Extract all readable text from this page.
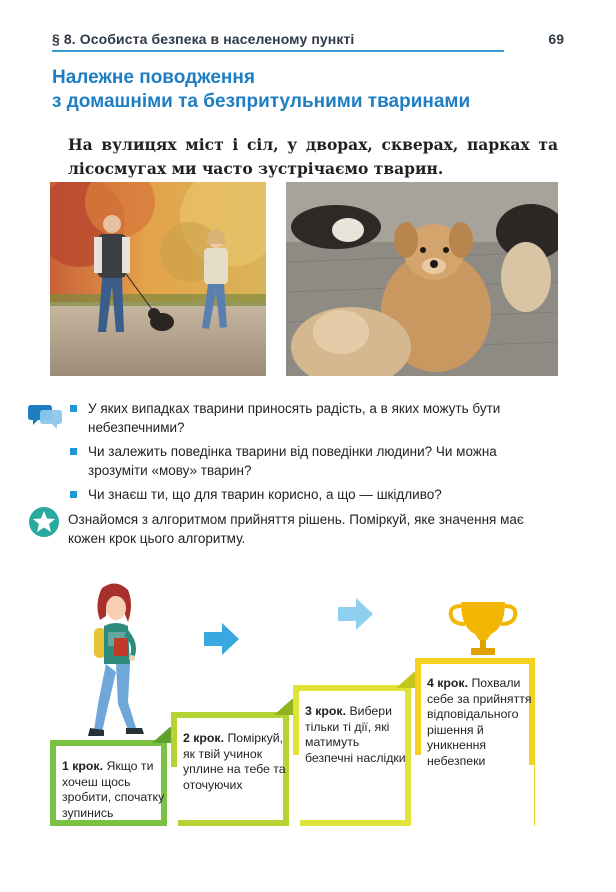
§ 8. Особиста безпека в населеному пункті	69
Належне поводження
з домашніми та безпритульними тваринами
На вулицях міст і сіл, у дворах, скверах, парках та лісосмугах ми часто зустрічаємо тварин.
У яких випадках тварини приносять радість, а в яких можуть бути небезпечними?
Чи залежить поведінка тварини від поведінки людини? Чи можна зрозуміти «мову» тварин?
Чи знаєш ти, що для тварин корисно, а що — шкідливо?
Ознайомся з алгоритмом прийняття рішень. Поміркуй, яке значення має кожен крок цього алгоритму.
1 крок. Якщо ти хочеш щось зробити, спочатку зупинись
2 крок. Поміркуй, як твій учинок уплине на тебе та оточуючих
3 крок. Вибери тільки ті дії, які матимуть безпечні наслідки
4 крок. Похвали себе за прийняття відповідального рішення й уникнення небезпеки
